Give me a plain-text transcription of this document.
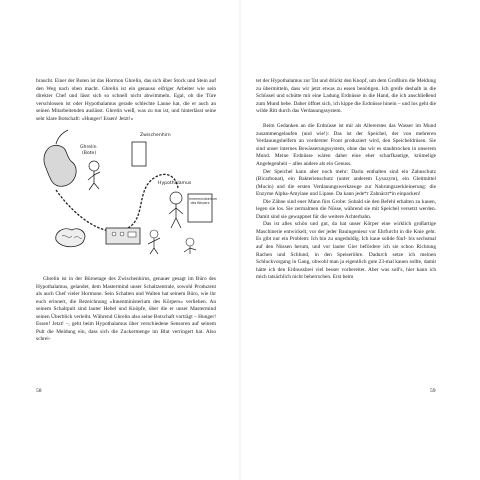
braucht. Einer der Boten ist das Hormon Ghrelin, das sich über Stock und Stein auf den Weg nach oben macht. Ghrelin ist ein genauso eifriger Arbeiter wie sein direkter Chef und lässt sich so schnell nicht abwimmeln. Egal, ob die Türe verschlossen ist oder Hypothalamus gerade schlechte Laune hat, die er auch an seinen Mitarbeitenden auslässt. Ghrelin weiß, was zu tun ist, und hinterlässt seine sehr klare Botschaft: »Hunger! Essen! Jetzt!«

Ghrelin
(Bote)
Zwischenhirn
Hypothalamus
Innenministerium des Körpers

Ghrelin ist in der Büroetage des Zwischenhirns, genauer gesagt im Büro des Hypothalamus, gelandet, dem Mastermind unser Schaltzentrale, sowohl Produzent als auch Chef vieler Hormone. Sein Schalten und Walten hat seinem Büro, wie ihr euch erinnert, die Bezeichnung »Innenministerium des Körpers« verliehen. An seinem Schaltpult sind lauter Hebel und Knöpfe, über die er unser Mastermind seinen Überblick verleiht. Während Ghrelin also seine Botschaft vorträgt – Hunger! Essen! Jetzt! –, geht beim Hypothalamus über verschiedene Sensoren auf seinem Pult die Meldung ein, dass sich die Zuckermenge im Blut verringert hat. Also schrei-

58

tet der Hypothalamus zur Tat und drückt den Knopf, um dem Großhirn die Meldung zu übermitteln, dass wir jetzt etwas zu essen benötigen. Ich greife deshalb in die Schüssel und schütte mir eine Ladung Erdnüsse in die Hand, die ich anschließend zum Mund hebe. Daher öffnet sich, ich kippe die Erdnüsse hinein – und los geht die wilde Ritt durch das Verdauungssystem.

Beim Gedanken an die Erdnüsse ist mir als Allererstes das Wasser im Mund zusammengelaufen (und wie!): Das ist der Speichel, der von mehreren Verdauungshelfern an vorderster Front produziert wird, den Speicheldrüsen. Sie sind unser internes Bewässerungssystem, ohne das wir es staubtrocken in unserem Mund. Meine Erdnüsse wären daher eine eher scharfkantige, krümelige Angelegenheit – alles andere als ein Genuss.

Der Speichel kann aber noch mehr: Darin enthalten sind ein Zahnschutz (Bicarbonat), ein Bakterienschutz (unter anderem Lysozym), ein Gleitmittel (Mucin) und die ersten Verdauungswerkzeuge zur Nahrungszerkleinerung: die Enzyme Alpha-Amylase und Lipase. Da kann jede*r Zahnärzt*in einpacken!

Die Zähne sind euer Mann fürs Grobe: Sobald sie den Befehl erhalten zu kauen, legen sie los. Sie zermalmen die Nüsse, während sie mit Speichel versetzt werden. Damit sind sie gewappnet für die weitere Achterbahn.

Das ist alles schön und gut, da hat unser Körper eine wirklich großartige Maschinerie entwickelt, vor der jeder Bauingenieur vor Ehrfurcht in die Knie geht. Es gibt nur ein Problem: Ich bin zu ungeduldig. Ich kaue solide fünf- bis sechsmal auf den Nüssen herum, und vor lauter Gier befördere ich sie schon Richtung Rachen und Schlund, in den Speiseröhre. Dadurch setze ich meinen Schluckvorgang in Gang, obwohl man ja eigentlich gute 23-mal kauen sollte, damit hätte ich den Erdnussbrei viel besser vorbereitet. Aber was soll's, hier kann ich mich tatsächlich nicht beherrschen. Erst beim

59
